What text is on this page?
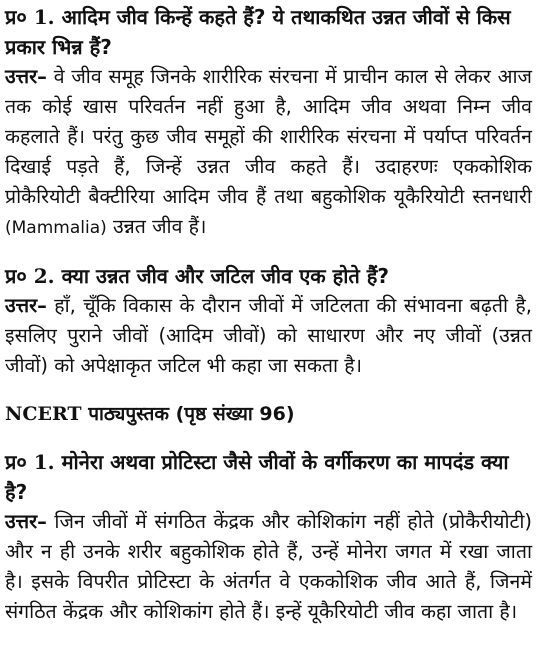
प्र० 1. आदिम जीव किन्हें कहते हैं? ये तथाकथित उन्नत जीवों से किस प्रकार भिन्न हैं?

उत्तर– वे जीव समूह जिनके शारीरिक संरचना में प्राचीन काल से लेकर आज तक कोई खास परिवर्तन नहीं हुआ है, आदिम जीव अथवा निम्न जीव कहलाते हैं। परंतु कुछ जीव समूहों की शारीरिक संरचना में पर्याप्त परिवर्तन दिखाई पड़ते हैं, जिन्हें उन्नत जीव कहते हैं। उदाहरणः एककोशिक प्रोकैरियोटी बैक्टीरिया आदिम जीव हैं तथा बहुकोशिक यूकैरियोटी स्तनधारी (Mammalia) उन्नत जीव हैं।

प्र० 2. क्या उन्नत जीव और जटिल जीव एक होते हैं?

उत्तर– हाँ, चूँकि विकास के दौरान जीवों में जटिलता की संभावना बढ़ती है, इसलिए पुराने जीवों (आदिम जीवों) को साधारण और नए जीवों (उन्नत जीवों) को अपेक्षाकृत जटिल भी कहा जा सकता है।

NCERT पाठ्यपुस्तक (पृष्ठ संख्या 96)

प्र० 1. मोनेरा अथवा प्रोटिस्टा जैसे जीवों के वर्गीकरण का मापदंड क्या है?

उत्तर– जिन जीवों में संगठित केंद्रक और कोशिकांग नहीं होते (प्रोकैरीयोटी) और न ही उनके शरीर बहुकोशिक होते हैं, उन्हें मोनेरा जगत में रखा जाता है। इसके विपरीत प्रोटिस्टा के अंतर्गत वे एककोशिक जीव आते हैं, जिनमें संगठित केंद्रक और कोशिकांग होते हैं। इन्हें यूकैरियोटी जीव कहा जाता है।
